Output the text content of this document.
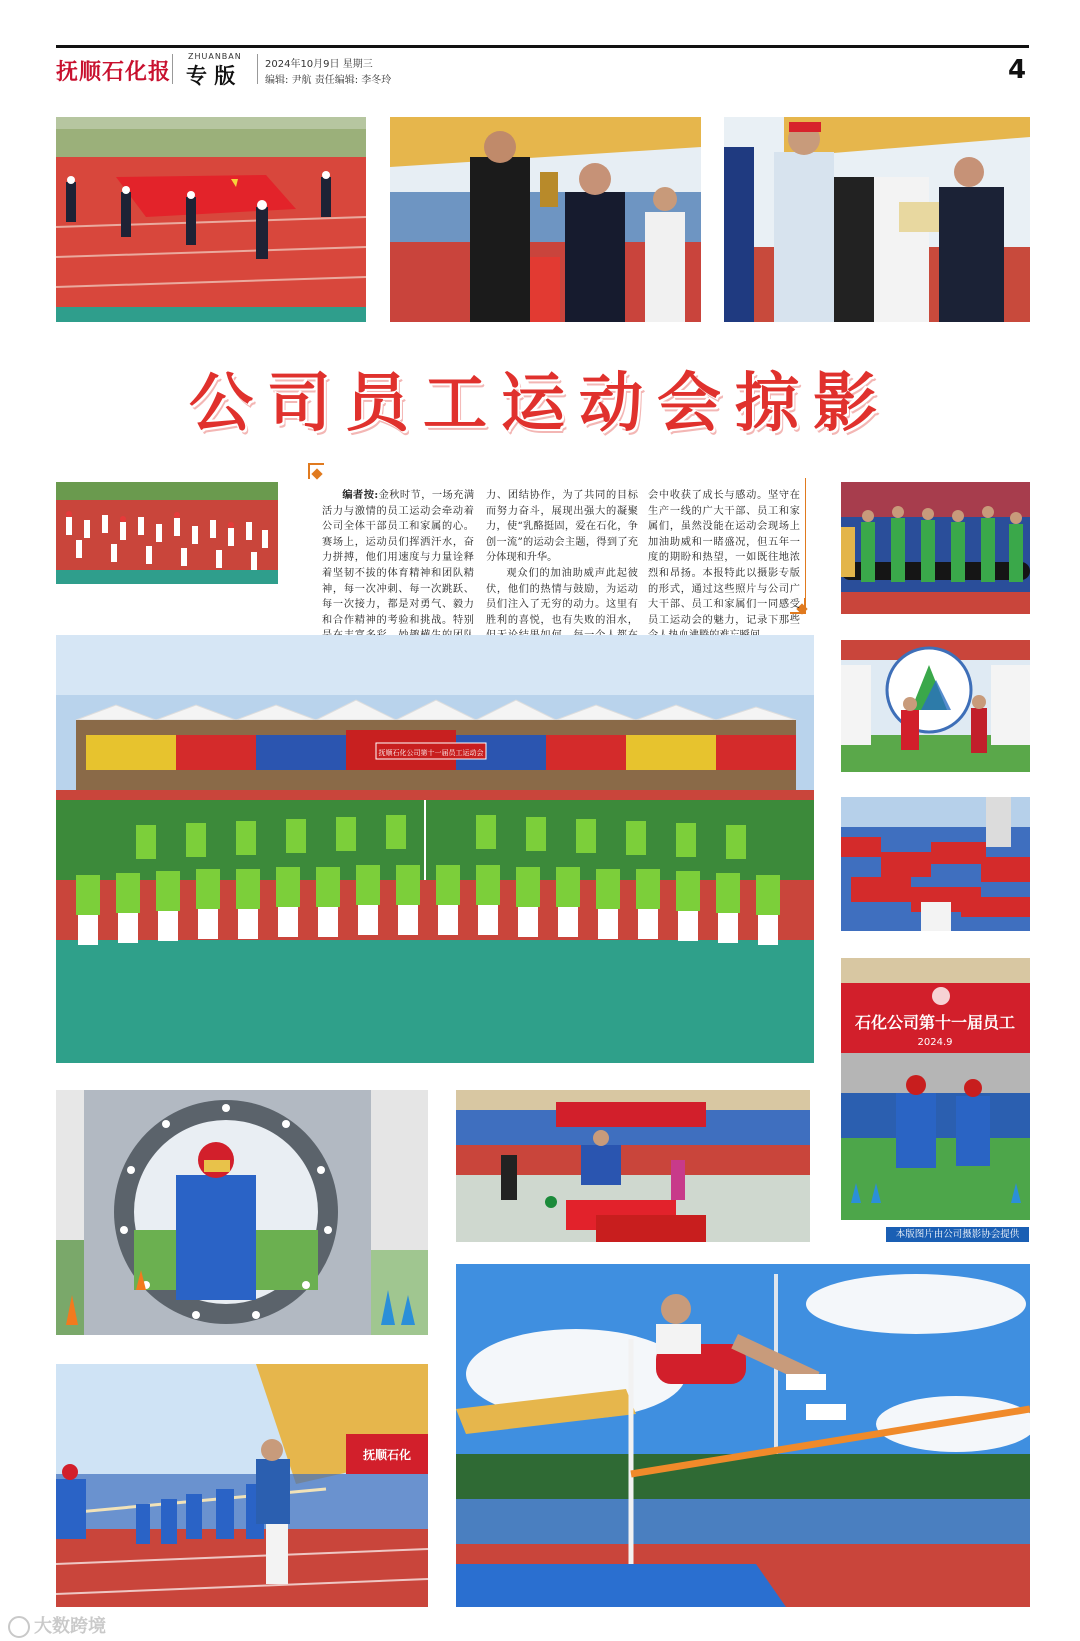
抚顺石化报
ZHUANBAN
专 版	2024年10月9日 星期三
编辑: 尹航 责任编辑: 李冬玲	4
公司员工运动会掠影

编者按:金秋时节，一场充满活力与激情的员工运动会牵动着公司全体干部员工和家属的心。赛场上，运动员们挥洒汗水，奋力拼搏，他们用速度与力量诠释着坚韧不拔的体育精神和团队精神，每一次冲刺、每一次跳跃、每一次接力，都是对勇气、毅力和合作精神的考验和挑战。特别

力、团结协作，为了共同的目标而努力奋斗，展现出强大的凝聚力，使“乳酪挺固，爱在石化，争创一流”的运动会主题，得到了充分体现和升华。

观众们的加油助威声此起彼伏，他们的热情与鼓励，为运动员们注入了无穷的动力。这里有胜利的喜悦，也有失败的泪水，

会中收获了成长与感动。坚守在生产一线的广大干部、员工和家属们，虽然没能在运动会现场上加油助威和一睹盛况，但五年一度的期盼和热望，一如既往地浓烈和昂扬。本报特此以摄影专版的形式，通过这些照片与公司广大干部、员工和家属们一同感受员工运动会的魅力，记录下那些

抚顺石化公司第十一届员工运动会
石化公司第十一届员工
2024.9
本版图片由公司摄影协会提供
抚顺石化
大数跨境
